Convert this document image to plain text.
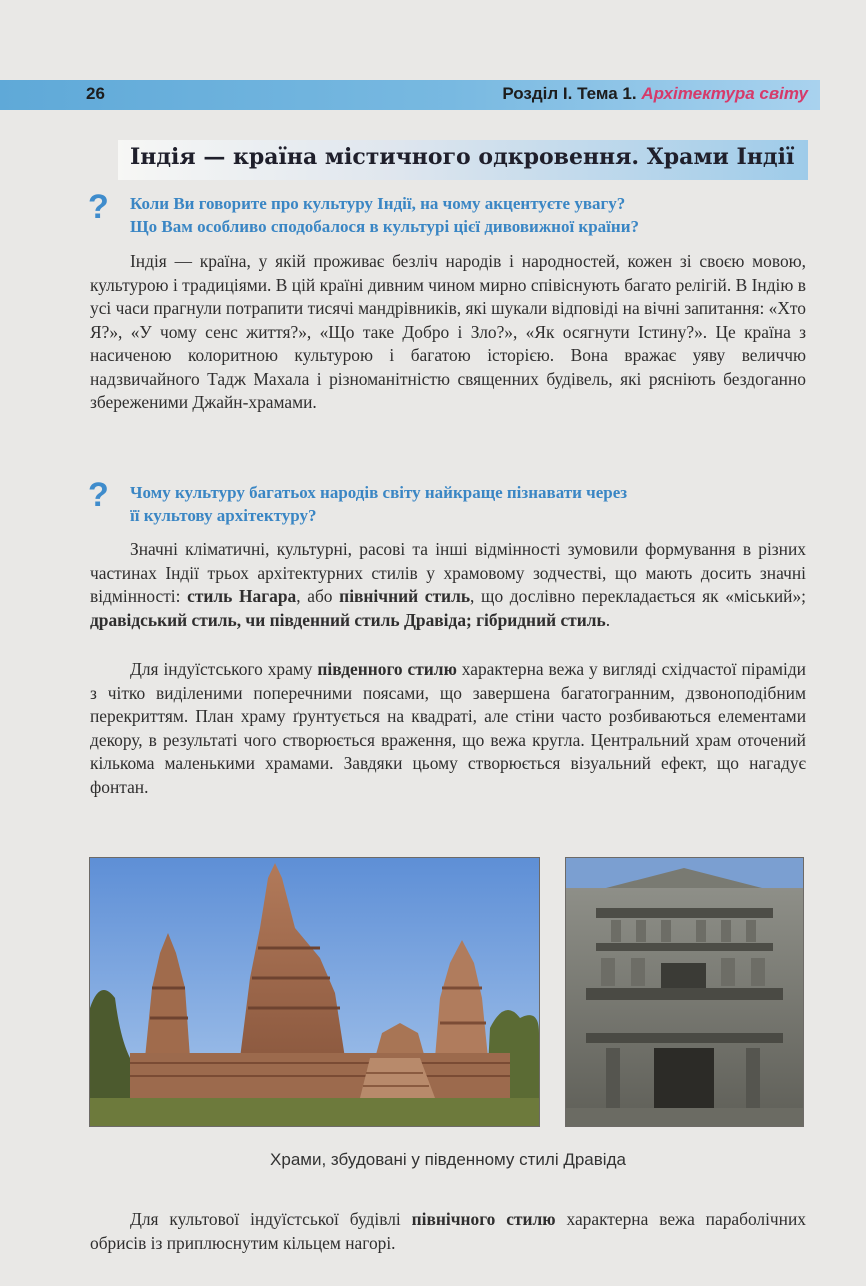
26	Розділ I. Тема 1. Архітектура світу
Індія — країна містичного одкровення. Храми Індії
? Коли Ви говорите про культуру Індії, на чому акцентуєте увагу?
Що Вам особливо сподобалося в культурі цієї дивовижної країни?

Індія — країна, у якій проживає безліч народів і народностей, кожен зі своєю мовою, культурою і традиціями. В цій країні дивним чином мирно співіснують багато релігій. В Індію в усі часи прагнули потрапити тисячі мандрівників, які шукали відповіді на вічні запитання: «Хто Я?», «У чому сенс життя?», «Що таке Добро і Зло?», «Як осягнути Істину?». Це країна з насиченою колоритною культурою і багатою історією. Вона вражає уяву величчю надзвичайного Тадж Махала і різноманітністю священних будівель, які рясніють бездоганно збереженими Джайн-храмами.

? Чому культуру багатьох народів світу найкраще пізнавати через
її культову архітектуру?

Значні кліматичні, культурні, расові та інші відмінності зумовили формування в різних частинах Індії трьох архітектурних стилів у храмовому зодчестві, що мають досить значні відмінності: стиль Нагара, або північний стиль, що дослівно перекладається як «міський»; дравідський стиль, чи південний стиль Дравіда; гібридний стиль.

Для індуїстського храму південного стилю характерна вежа у вигляді східчастої піраміди з чітко виділеними поперечними поясами, що завершена багатогранним, дзвоноподібним перекриттям. План храму ґрунтується на квадраті, але стіни часто розбиваються елементами декору, в результаті чого створюється враження, що вежа кругла. Центральний храм оточений кількома маленькими храмами. Завдяки цьому створюється візуальний ефект, що нагадує фонтан.

Храми, збудовані у південному стилі Дравіда

Для культової індуїстської будівлі північного стилю характерна вежа параболічних обрисів із приплюснутим кільцем нагорі.
